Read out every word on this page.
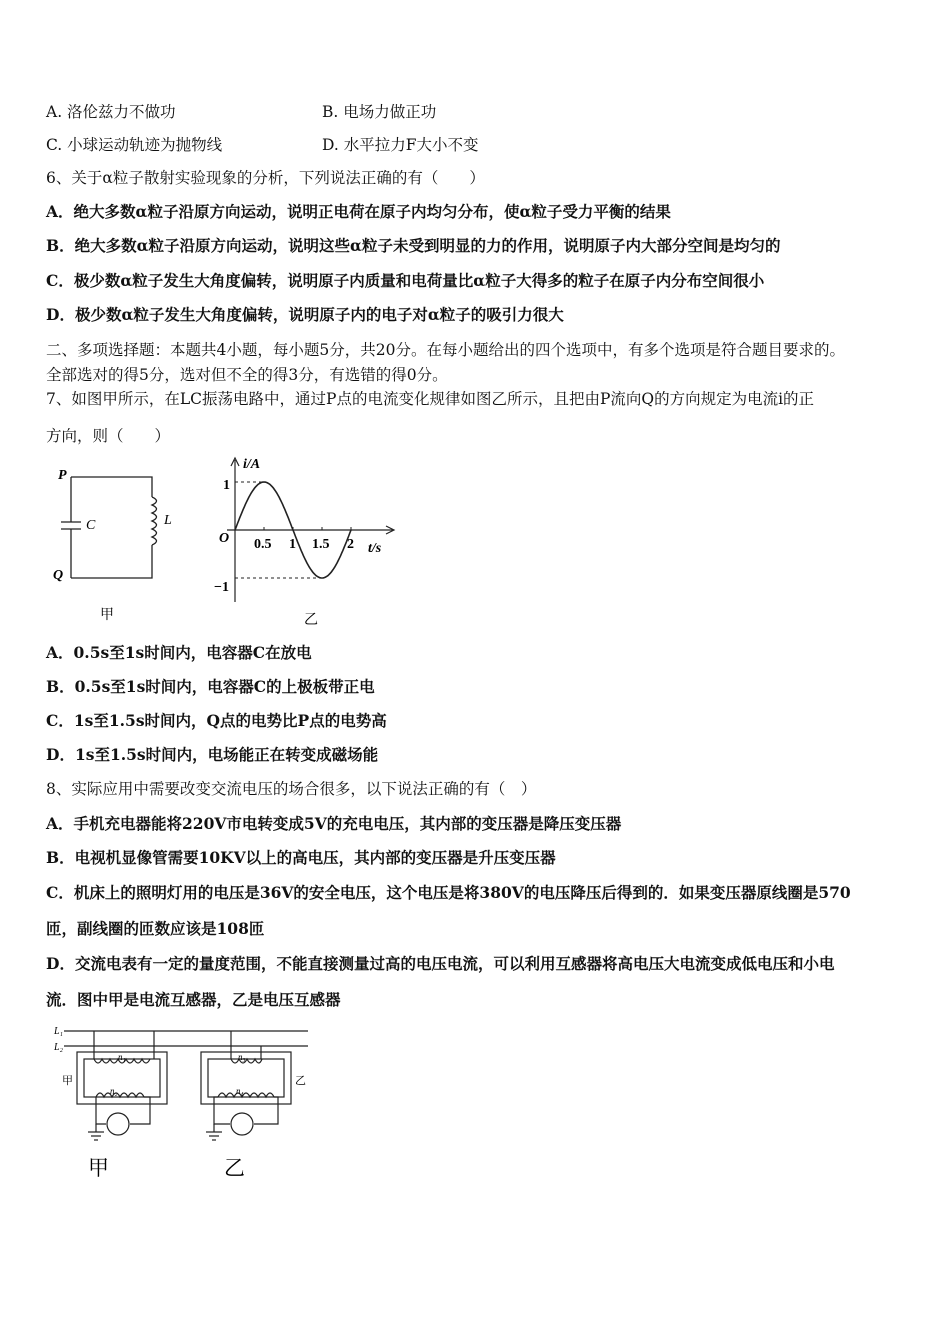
A. 洛伦兹力不做功	B. 电场力做正功
C. 小球运动轨迹为抛物线	D. 水平拉力F大小不变
6、关于α粒子散射实验现象的分析，下列说法正确的有（　　）
A．绝大多数α粒子沿原方向运动，说明正电荷在原子内均匀分布，使α粒子受力平衡的结果
B．绝大多数α粒子沿原方向运动，说明这些α粒子未受到明显的力的作用，说明原子内大部分空间是均匀的
C．极少数α粒子发生大角度偏转，说明原子内质量和电荷量比α粒子大得多的粒子在原子内分布空间很小
D．极少数α粒子发生大角度偏转，说明原子内的电子对α粒子的吸引力很大
二、多项选择题：本题共4小题，每小题5分，共20分。在每小题给出的四个选项中，有多个选项是符合题目要求的。
全部选对的得5分，选对但不全的得3分，有选错的得0分。
7、如图甲所示，在LC振荡电路中，通过P点的电流变化规律如图乙所示，且把由P流向Q的方向规定为电流i的正
方向，则（　　）
P
Q
C	L
甲
i/A
t/s
O
1
−1
0.5 1 1.5 2
乙
A．0.5s至1s时间内，电容器C在放电
B．0.5s至1s时间内，电容器C的上极板带正电
C．1s至1.5s时间内，Q点的电势比P点的电势高
D．1s至1.5s时间内，电场能正在转变成磁场能
8、实际应用中需要改变交流电压的场合很多，以下说法正确的有（　）
A．手机充电器能将220V市电转变成5V的充电电压，其内部的变压器是降压变压器
B．电视机显像管需要10KV以上的高电压，其内部的变压器是升压变压器
C．机床上的照明灯用的电压是36V的安全电压，这个电压是将380V的电压降压后得到的．如果变压器原线圈是570
匝，副线圈的匝数应该是108匝
D．交流电表有一定的量度范围，不能直接测量过高的电压电流，可以利用互感器将高电压大电流变成低电压和小电
流．图中甲是电流互感器，乙是电压互感器
L₁
L₂
n₁
n₂
n₃
n₄
甲	乙
甲	乙
